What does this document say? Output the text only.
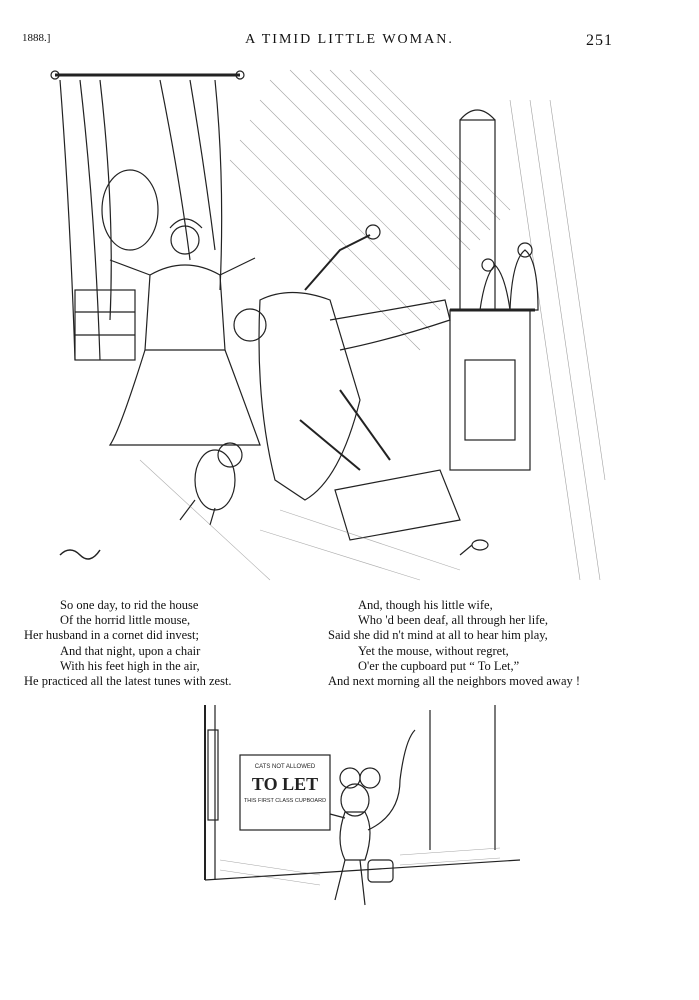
1888.]	A TIMID LITTLE WOMAN.	251
So one day, to rid the house
Of the horrid little mouse,
Her husband in a cornet did invest;
And that night, upon a chair
With his feet high in the air,
He practiced all the latest tunes with zest.
And, though his little wife,
Who 'd been deaf, all through her life,
Said she did n't mind at all to hear him play,
Yet the mouse, without regret,
O'er the cupboard put “ To Let,”
And next morning all the neighbors moved away !
CATS NOT ALLOWED
TO LET
THIS FIRST CLASS CUPBOARD
